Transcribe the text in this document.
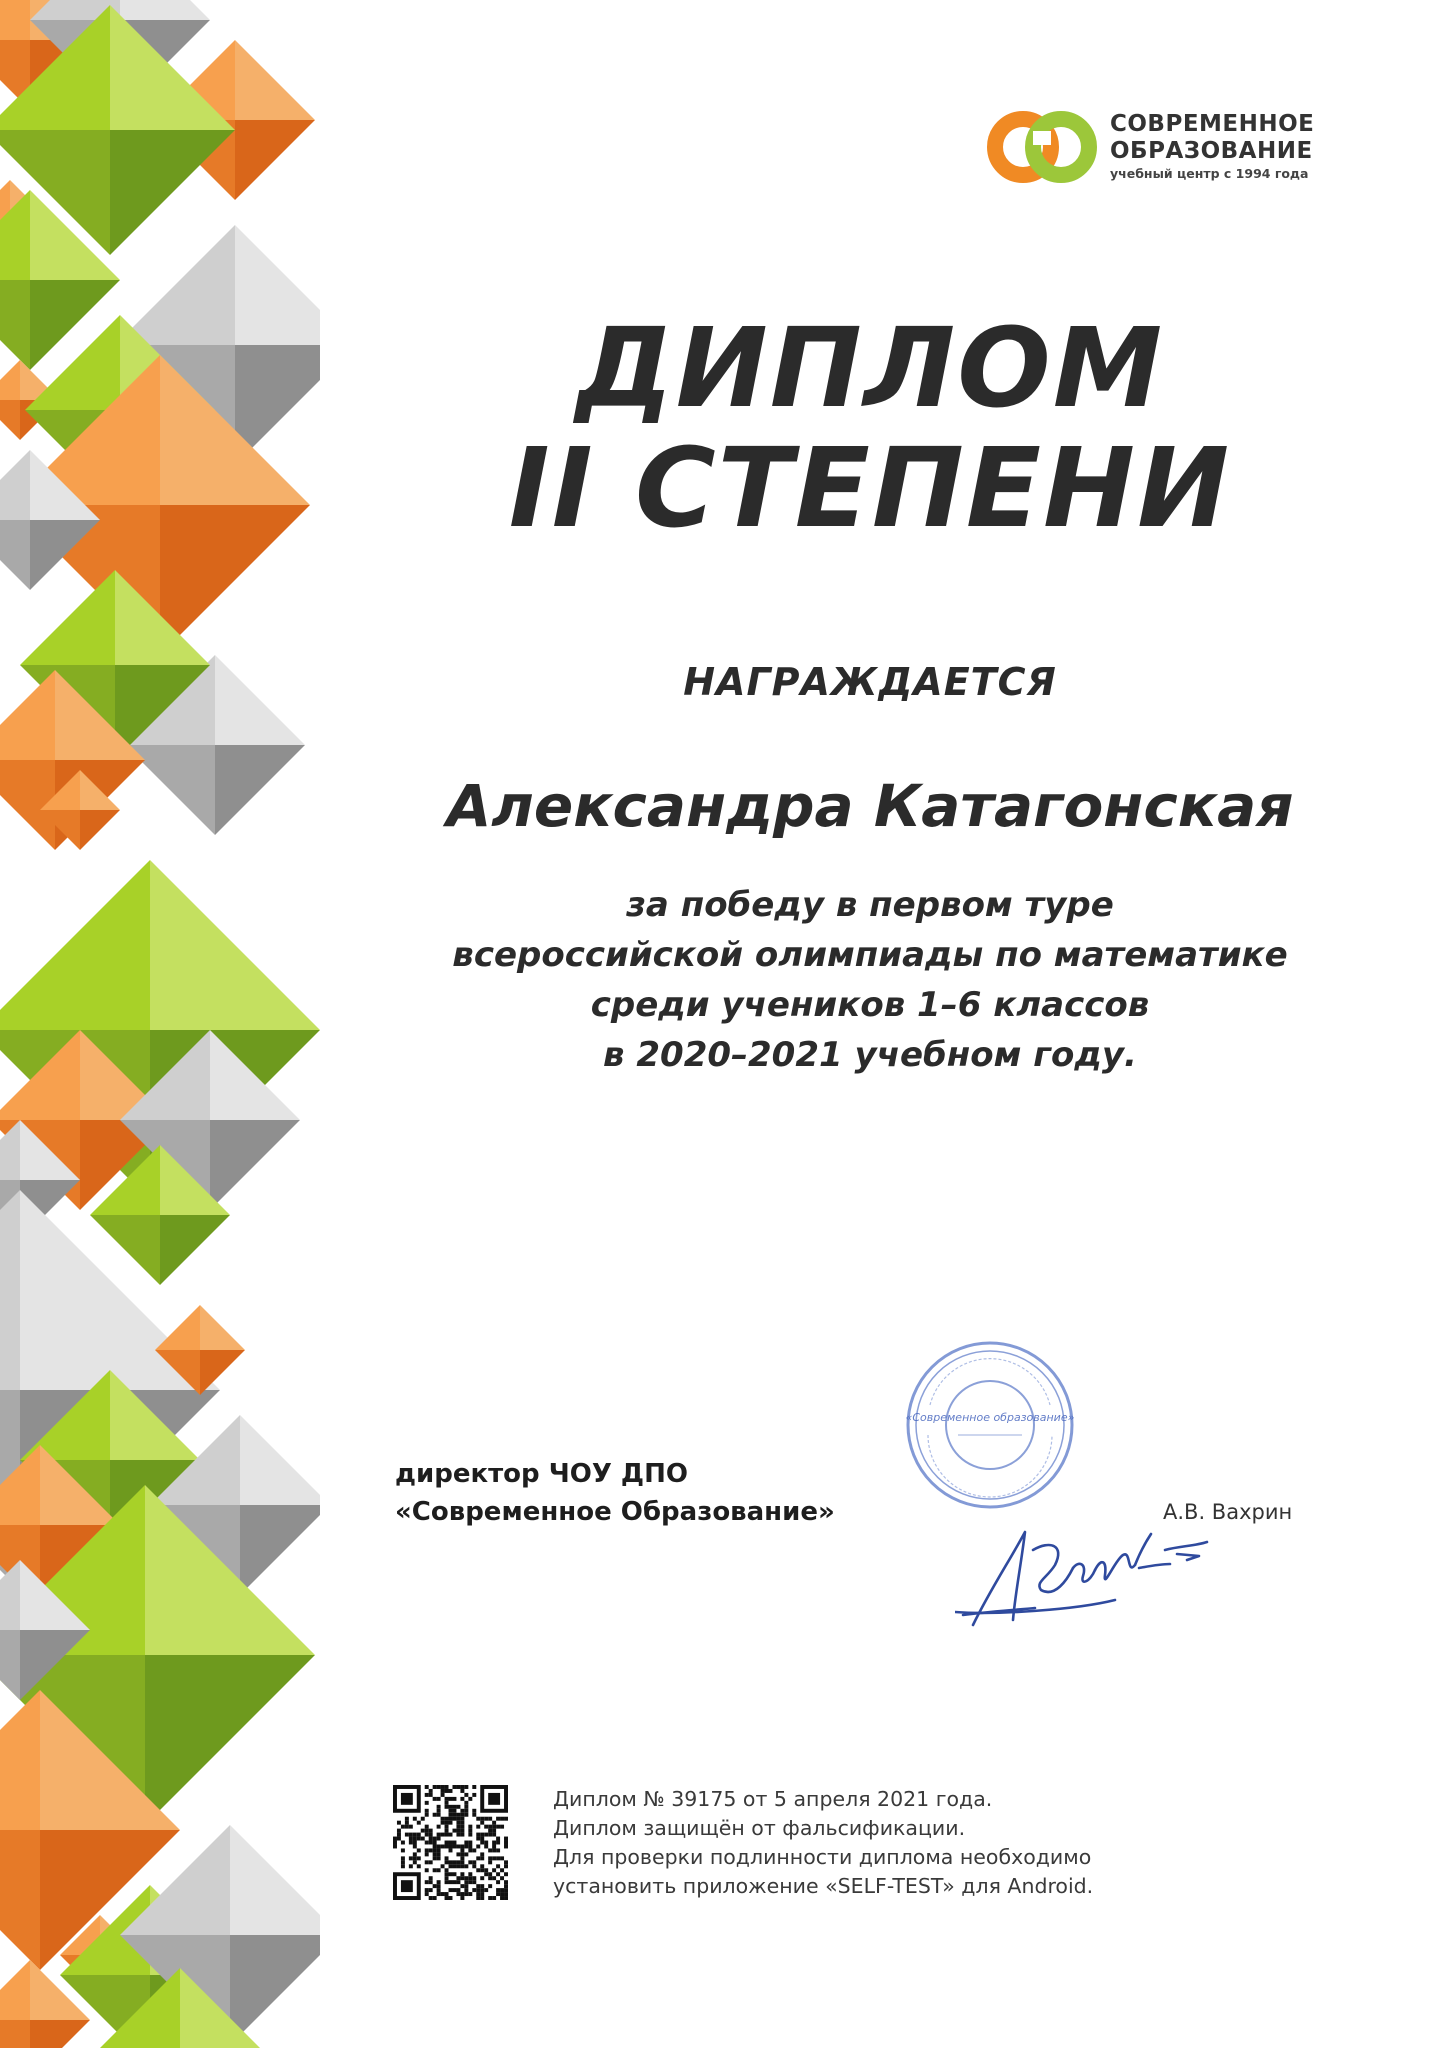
СОВРЕМЕННОЕ
ОБРАЗОВАНИЕ
учебный центр с 1994 года
ДИПЛОМ
II СТЕПЕНИ
НАГРАЖДАЕТСЯ
Александра Катагонская
за победу в первом туре
всероссийской олимпиады по математике
среди учеников 1–6 классов
в 2020–2021 учебном году.
«Современное образование»
директор ЧОУ ДПО
«Современное Образование»	А.В. Вахрин
Диплом № 39175 от 5 апреля 2021 года.
Диплом защищён от фальсификации.
Для проверки подлинности диплома необходимо
установить приложение «SELF-TEST» для Android.
